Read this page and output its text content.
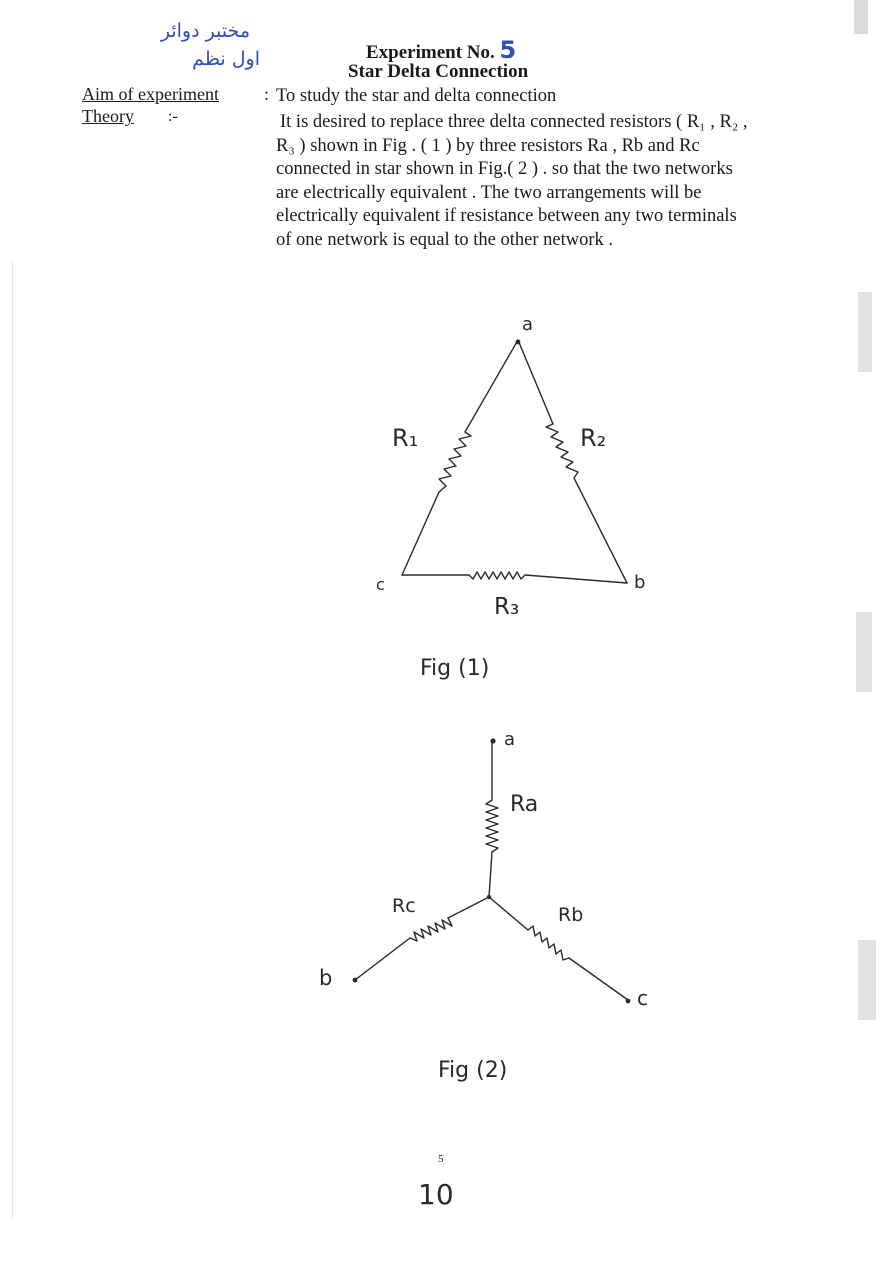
مختبر دوائر
اول نظم	Experiment No. 5
Star Delta Connection
Aim of experiment	: To study the star and delta connection
Theory :-	It is desired to replace three delta connected resistors ( R₁ , R₂ ,
R₃ ) shown in Fig . ( 1 ) by three resistors Ra , Rb and Rc
connected in star shown in Fig.( 2 ) . so that the two networks
are electrically equivalent . The two arrangements will be
electrically equivalent if resistance between any two terminals
of one network is equal to the other network .
a
R₁	R₂
c	b
R₃
Fig (1)
a
Ra
Rc	Rb
b
c
Fig (2)
5
10
